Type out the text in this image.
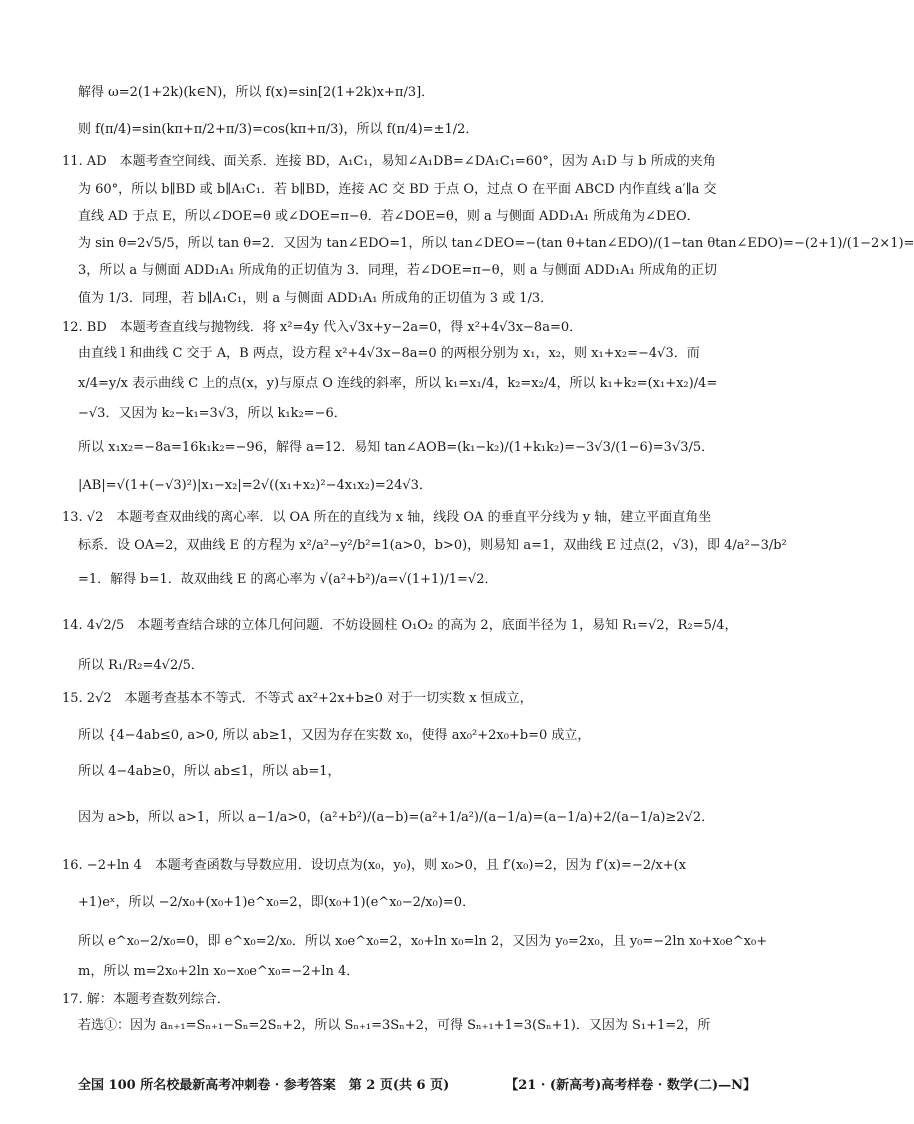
解得 ω=2(1+2k)(k∈N)，所以 f(x)=sin[2(1+2k)x+π/3]．
则 f(π/4)=sin(kπ+π/2+π/3)=cos(kπ+π/3)，所以 f(π/4)=±1/2．
11. AD　本题考查空间线、面关系．连接 BD，A₁C₁，易知∠A₁DB=∠DA₁C₁=60°，因为 A₁D 与 b 所成的夹角
为 60°，所以 b∥BD 或 b∥A₁C₁．若 b∥BD，连接 AC 交 BD 于点 O，过点 O 在平面 ABCD 内作直线 a′∥a 交
直线 AD 于点 E，所以∠DOE=θ 或∠DOE=π−θ．若∠DOE=θ，则 a 与侧面 ADD₁A₁ 所成角为∠DEO．
为 sin θ=2√5/5，所以 tan θ=2．又因为 tan∠EDO=1，所以 tan∠DEO=−(tan θ+tan∠EDO)/(1−tan θtan∠EDO)=−(2+1)/(1−2×1)=
3，所以 a 与侧面 ADD₁A₁ 所成角的正切值为 3．同理，若∠DOE=π−θ，则 a 与侧面 ADD₁A₁ 所成角的正切
值为 1/3．同理，若 b∥A₁C₁，则 a 与侧面 ADD₁A₁ 所成角的正切值为 3 或 1/3．
12. BD　本题考查直线与抛物线．将 x²=4y 代入√3x+y−2a=0，得 x²+4√3x−8a=0．
由直线 l 和曲线 C 交于 A，B 两点，设方程 x²+4√3x−8a=0 的两根分别为 x₁，x₂，则 x₁+x₂=−4√3．而
x/4=y/x 表示曲线 C 上的点(x，y)与原点 O 连线的斜率，所以 k₁=x₁/4，k₂=x₂/4，所以 k₁+k₂=(x₁+x₂)/4=
−√3．又因为 k₂−k₁=3√3，所以 k₁k₂=−6．
所以 x₁x₂=−8a=16k₁k₂=−96，解得 a=12．易知 tan∠AOB=(k₁−k₂)/(1+k₁k₂)=−3√3/(1−6)=3√3/5．
|AB|=√(1+(−√3)²)|x₁−x₂|=2√((x₁+x₂)²−4x₁x₂)=24√3．
13. √2　本题考查双曲线的离心率．以 OA 所在的直线为 x 轴，线段 OA 的垂直平分线为 y 轴，建立平面直角坐
标系．设 OA=2，双曲线 E 的方程为 x²/a²−y²/b²=1(a>0，b>0)，则易知 a=1，双曲线 E 过点(2，√3)，即 4/a²−3/b²
=1．解得 b=1．故双曲线 E 的离心率为 √(a²+b²)/a=√(1+1)/1=√2．
14. 4√2/5　本题考查结合球的立体几何问题．不妨设圆柱 O₁O₂ 的高为 2，底面半径为 1，易知 R₁=√2，R₂=5/4，
所以 R₁/R₂=4√2/5．
15. 2√2　本题考查基本不等式．不等式 ax²+2x+b≥0 对于一切实数 x 恒成立，
所以 {4−4ab≤0, a>0, 所以 ab≥1，又因为存在实数 x₀，使得 ax₀²+2x₀+b=0 成立，
所以 4−4ab≥0，所以 ab≤1，所以 ab=1，
因为 a>b，所以 a>1，所以 a−1/a>0，(a²+b²)/(a−b)=(a²+1/a²)/(a−1/a)=(a−1/a)+2/(a−1/a)≥2√2．
16. −2+ln 4　本题考查函数与导数应用．设切点为(x₀，y₀)，则 x₀>0，且 f′(x₀)=2，因为 f′(x)=−2/x+(x
+1)eˣ，所以 −2/x₀+(x₀+1)e^x₀=2，即(x₀+1)(e^x₀−2/x₀)=0．
所以 e^x₀−2/x₀=0，即 e^x₀=2/x₀．所以 x₀e^x₀=2，x₀+ln x₀=ln 2，又因为 y₀=2x₀，且 y₀=−2ln x₀+x₀e^x₀+
m，所以 m=2x₀+2ln x₀−x₀e^x₀=−2+ln 4．
17. 解：本题考查数列综合．
若选①：因为 aₙ₊₁=Sₙ₊₁−Sₙ=2Sₙ+2，所以 Sₙ₊₁=3Sₙ+2，可得 Sₙ₊₁+1=3(Sₙ+1)．又因为 S₁+1=2，所
全国 100 所名校最新高考冲刺卷 · 参考答案　第 2 页(共 6 页)	【21 · (新高考)高考样卷 · 数学(二)—N】
